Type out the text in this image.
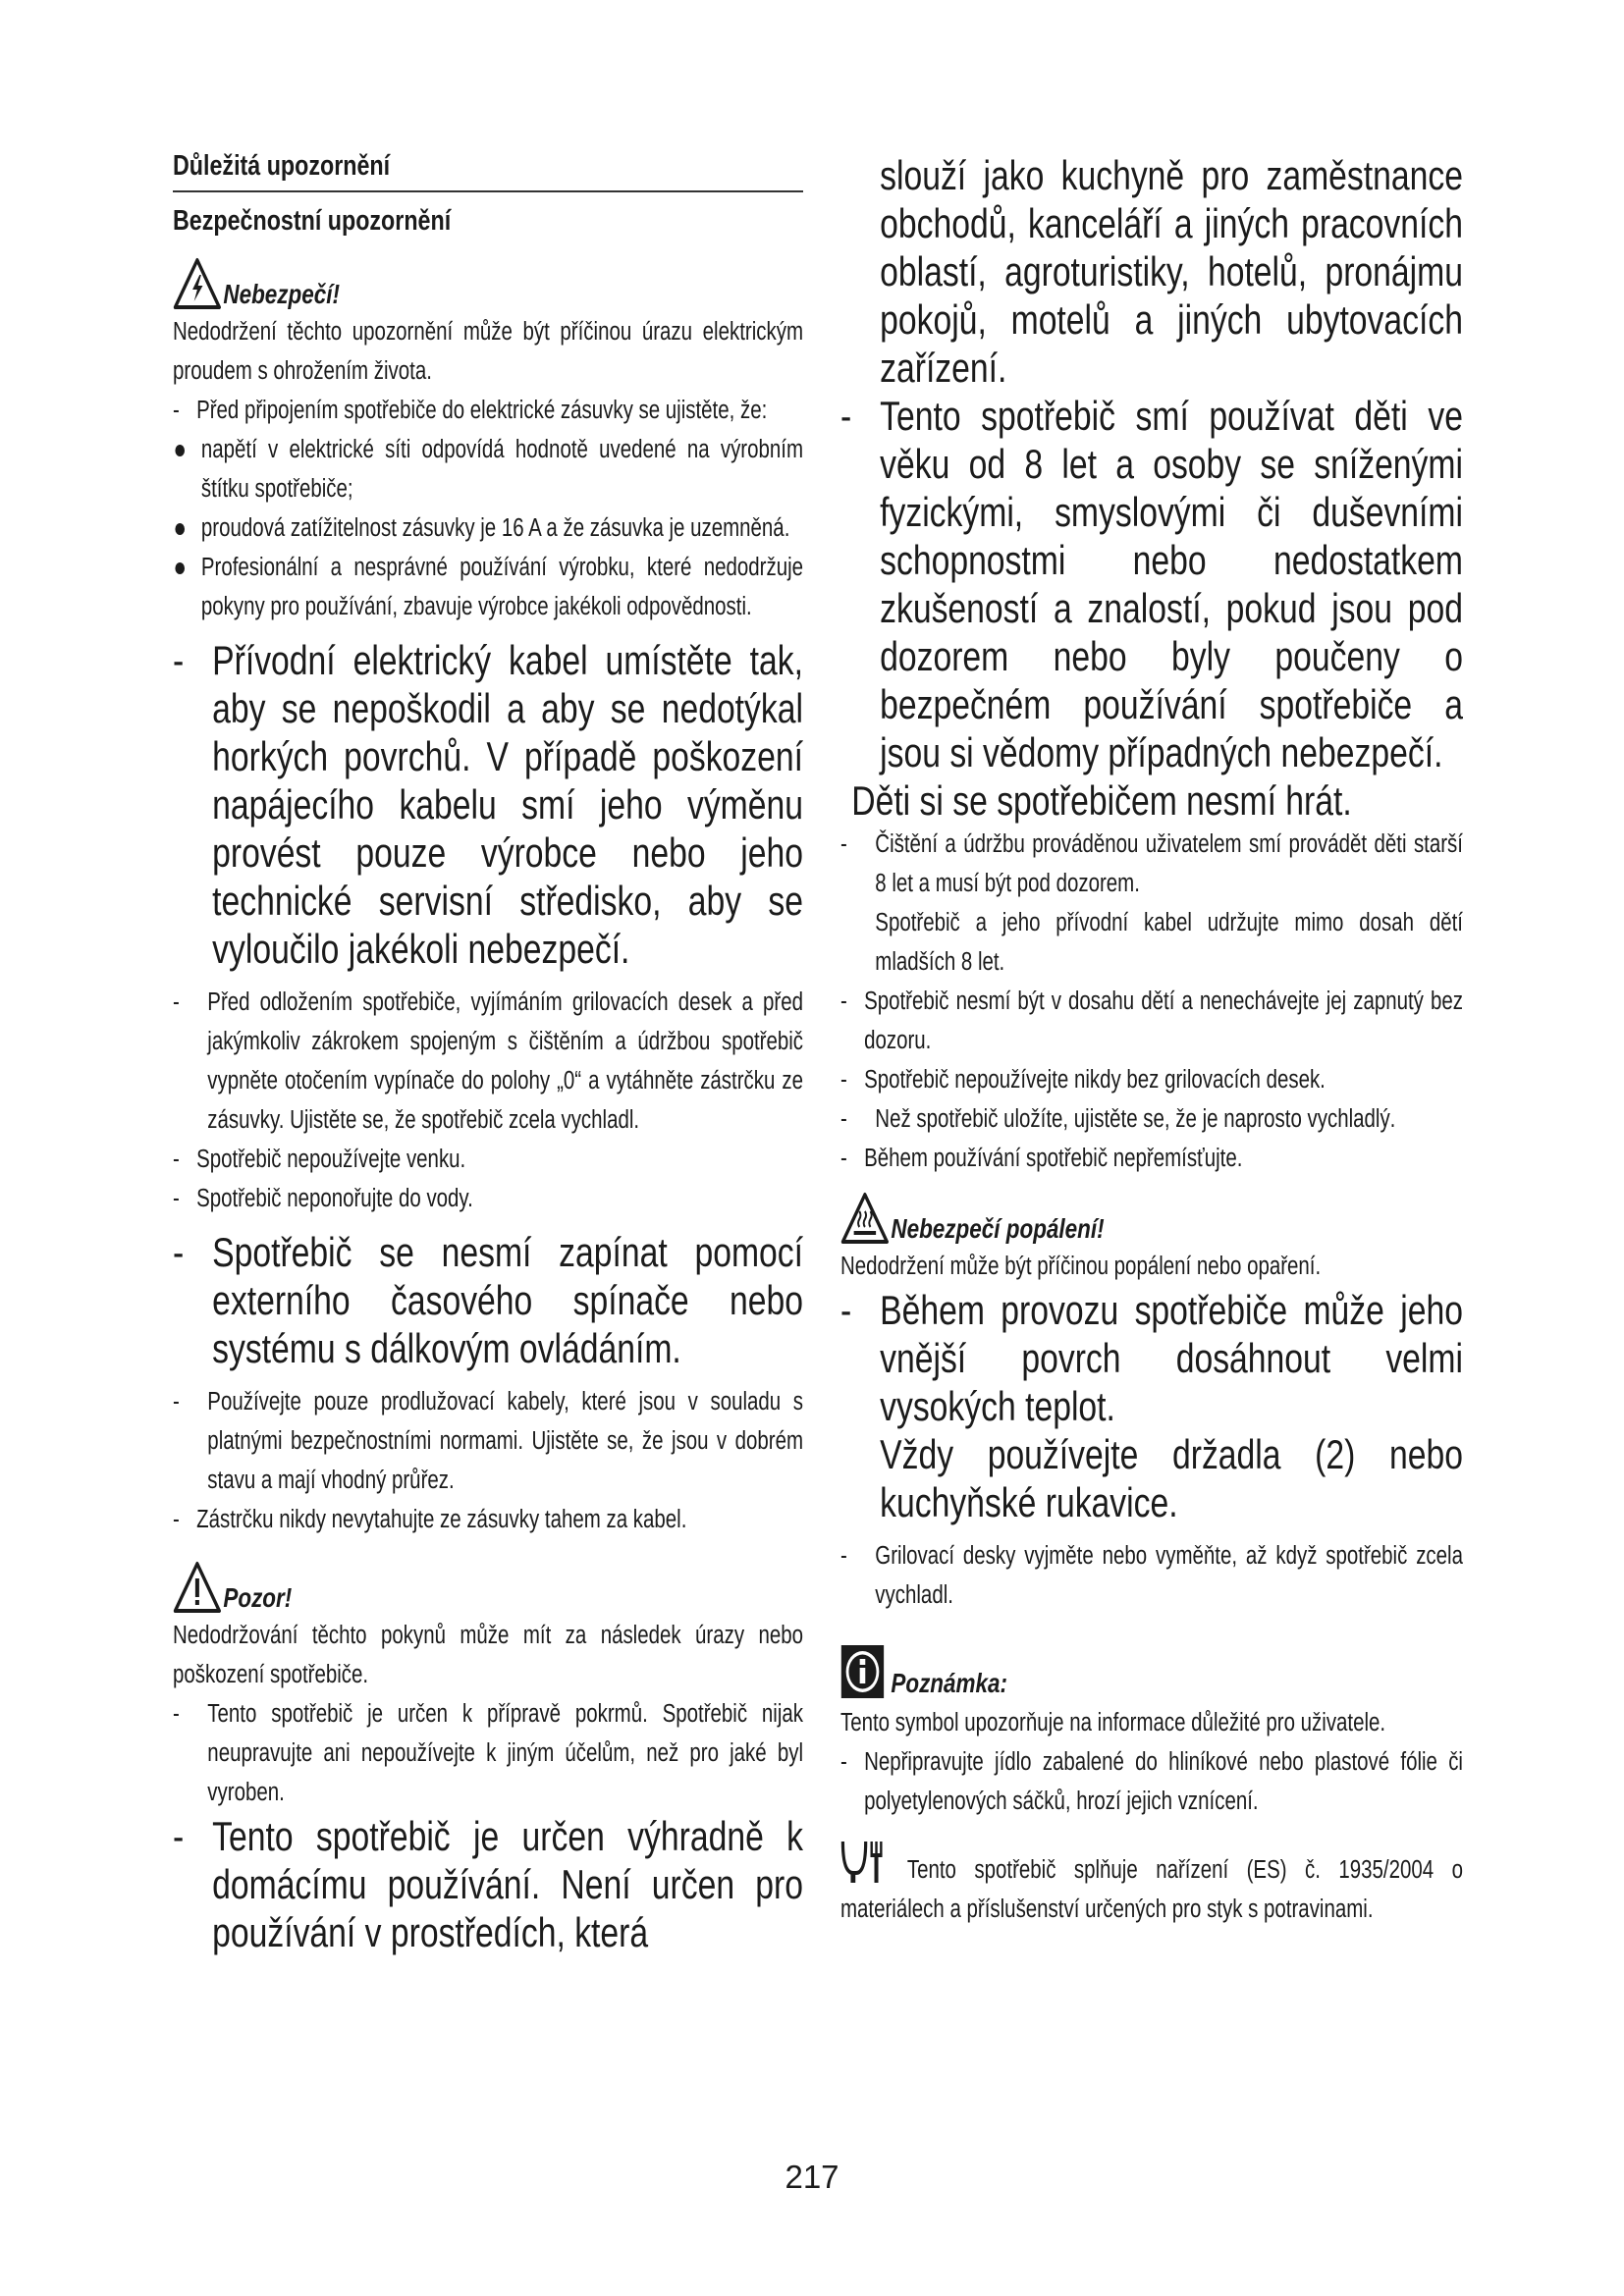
Důležitá upozornění
Bezpečnostní upozornění
Nebezpečí!
Nedodržení těchto upozornění může být příčinou úrazu elektrickým proudem s ohrožením života.
- Před připojením spotřebiče do elektrické zásuvky se ujistěte, že:
napětí v elektrické síti odpovídá hodnotě uvedené na výrobním štítku spotřebiče;
proudová zatížitelnost zásuvky je 16 A a že zásuvka je uzemněná.
Profesionální a nesprávné používání výrobku, které nedodržuje pokyny pro používání, zbavuje výrobce jakékoli odpovědnosti.
- Přívodní elektrický kabel umístěte tak, aby se nepoškodil a aby se nedotýkal horkých povrchů. V případě poškození napájecího kabelu smí jeho výměnu provést pouze výrobce nebo jeho technické servisní středisko, aby se vyloučilo jakékoli nebezpečí.
-	Před odložením spotřebiče, vyjímáním grilovacích desek a před jakýmkoliv zákrokem spojeným s čištěním a údržbou spotřebič vypněte otočením vypínače do polohy „0“ a vytáhněte zástrčku ze zásuvky. Ujistěte se, že spotřebič zcela vychladl.
- Spotřebič nepoužívejte venku.
- Spotřebič neponořujte do vody.
- Spotřebič se nesmí zapínat pomocí externího časového spínače nebo systému s dálkovým ovládáním.
-	Používejte pouze prodlužovací kabely, které jsou v souladu s platnými bezpečnostními normami. Ujistěte se, že jsou v dobrém stavu a mají vhodný průřez.
- Zástrčku nikdy nevytahujte ze zásuvky tahem za kabel.
Pozor!
Nedodržování těchto pokynů může mít za následek úrazy nebo poškození spotřebiče.
-	Tento spotřebič je určen k přípravě pokrmů. Spotřebič nijak neupravujte ani nepoužívejte k jiným účelům, než pro jaké byl vyroben.
- Tento spotřebič je určen výhradně k domácímu používání. Není určen pro používání v prostředích, která
slouží jako kuchyně pro zaměstnance obchodů, kanceláří a jiných pracovních oblastí, agroturistiky, hotelů, pronájmu pokojů, motelů a jiných ubytovacích zařízení.
- Tento spotřebič smí používat děti ve věku od 8 let a osoby se sníženými fyzickými, smyslovými či duševními schopnostmi nebo nedostatkem zkušeností a znalostí, pokud jsou pod dozorem nebo byly poučeny o bezpečném používání spotřebiče a jsou si vědomy případných nebezpečí.
Děti si se spotřebičem nesmí hrát.
-	Čištění a údržbu prováděnou uživatelem smí provádět děti starší 8 let a musí být pod dozorem.
Spotřebič a jeho přívodní kabel udržujte mimo dosah dětí mladších 8 let.
- Spotřebič nesmí být v dosahu dětí a nenechávejte jej zapnutý bez dozoru.
- Spotřebič nepoužívejte nikdy bez grilovacích desek.
-	Než spotřebič uložíte, ujistěte se, že je naprosto vychladlý.
- Během používání spotřebič nepřemísťujte.
Nebezpečí popálení!
Nedodržení může být příčinou popálení nebo opaření.
- Během provozu spotřebiče může jeho vnější povrch dosáhnout velmi vysokých teplot.
Vždy používejte držadla (2) nebo kuchyňské rukavice.
-	Grilovací desky vyjměte nebo vyměňte, až když spotřebič zcela vychladl.
Poznámka:
Tento symbol upozorňuje na informace důležité pro uživatele.
- Nepřipravujte jídlo zabalené do hliníkové nebo plastové fólie či polyetylenových sáčků, hrozí jejich vznícení.
Tento spotřebič splňuje nařízení (ES) č. 1935/2004 o materiálech a příslušenství určených pro styk s potravinami.
217
